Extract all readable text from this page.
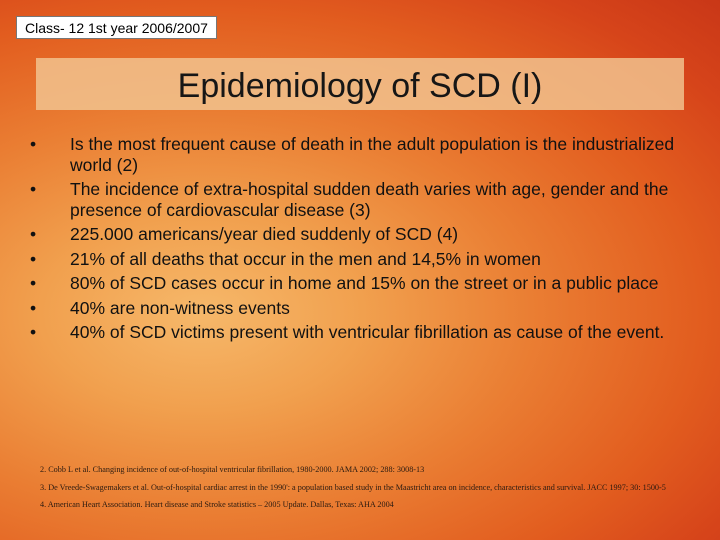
Class- 12 1st year 2006/2007
Epidemiology of SCD (I)
•	Is the most frequent cause of death in the adult population is the industrialized world (2)
•	The incidence of extra-hospital sudden death varies with age, gender and the presence of cardiovascular disease (3)
•	225.000 americans/year died suddenly of SCD (4)
•	21% of all deaths that occur in the men and 14,5% in women
•	80% of SCD cases occur in home and 15% on the street or in a public place
•	40% are non-witness events
•	40% of SCD victims present with ventricular fibrillation as cause of the event.
2. Cobb L et al. Changing incidence of out-of-hospital ventricular fibrillation, 1980-2000. JAMA 2002; 288: 3008-13
3. De Vreede-Swagemakers et al. Out-of-hospital cardiac arrest in the 1990': a population based study in the Maastricht area on incidence, characteristics and survival. JACC 1997; 30: 1500-5
4. American Heart Association. Heart disease and Stroke statistics – 2005 Update. Dallas, Texas: AHA 2004
